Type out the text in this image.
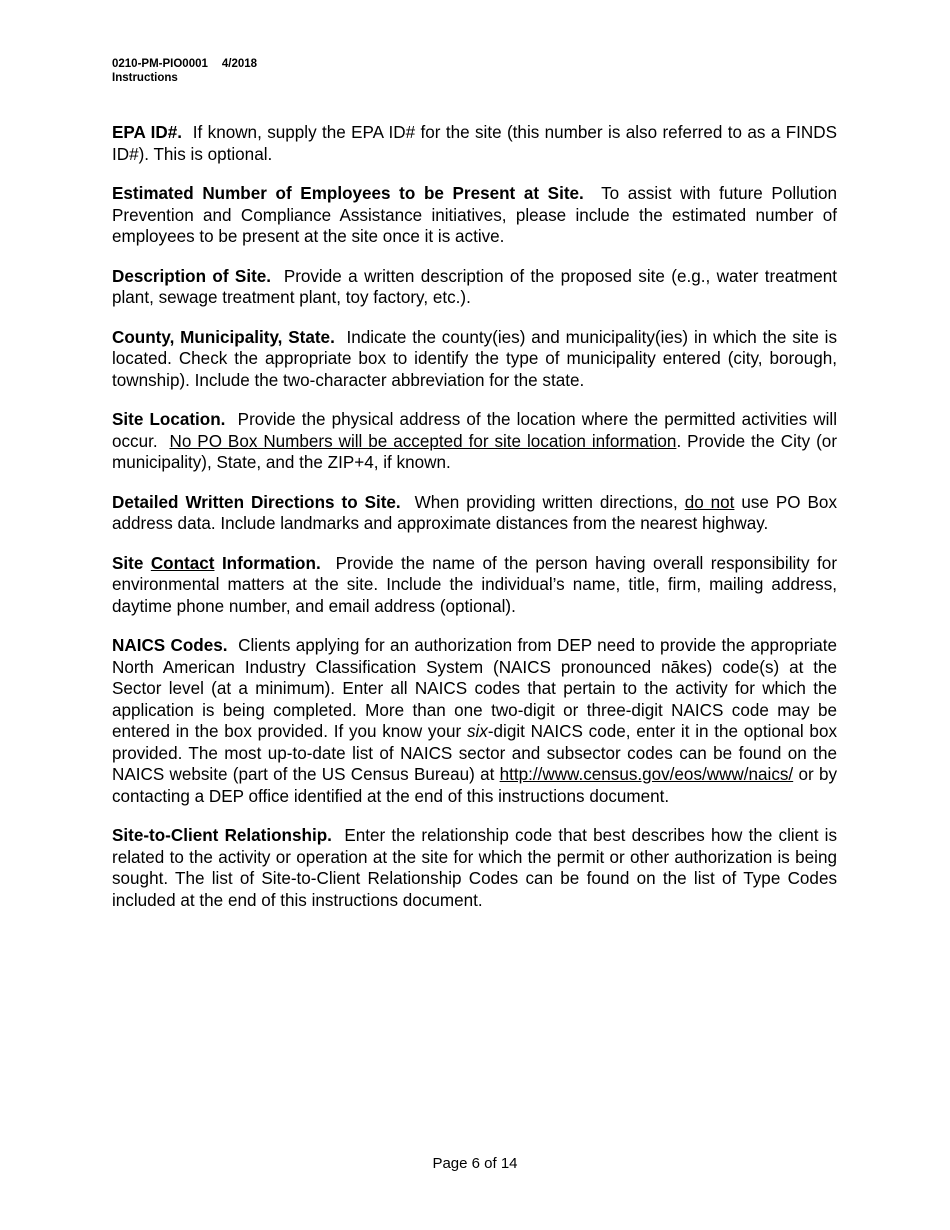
0210-PM-PIO0001 4/2018
Instructions

EPA ID#. If known, supply the EPA ID# for the site (this number is also referred to as a FINDS ID#). This is optional.

Estimated Number of Employees to be Present at Site. To assist with future Pollution Prevention and Compliance Assistance initiatives, please include the estimated number of employees to be present at the site once it is active.

Description of Site. Provide a written description of the proposed site (e.g., water treatment plant, sewage treatment plant, toy factory, etc.).

County, Municipality, State. Indicate the county(ies) and municipality(ies) in which the site is located. Check the appropriate box to identify the type of municipality entered (city, borough, township). Include the two-character abbreviation for the state.

Site Location. Provide the physical address of the location where the permitted activities will occur. No PO Box Numbers will be accepted for site location information. Provide the City (or municipality), State, and the ZIP+4, if known.

Detailed Written Directions to Site. When providing written directions, do not use PO Box address data. Include landmarks and approximate distances from the nearest highway.

Site Contact Information. Provide the name of the person having overall responsibility for environmental matters at the site. Include the individual’s name, title, firm, mailing address, daytime phone number, and email address (optional).

NAICS Codes. Clients applying for an authorization from DEP need to provide the appropriate North American Industry Classification System (NAICS pronounced nākes) code(s) at the Sector level (at a minimum). Enter all NAICS codes that pertain to the activity for which the application is being completed. More than one two-digit or three-digit NAICS code may be entered in the box provided. If you know your six-digit NAICS code, enter it in the optional box provided. The most up-to-date list of NAICS sector and subsector codes can be found on the NAICS website (part of the US Census Bureau) at http://www.census.gov/eos/www/naics/ or by contacting a DEP office identified at the end of this instructions document.

Site-to-Client Relationship. Enter the relationship code that best describes how the client is related to the activity or operation at the site for which the permit or other authorization is being sought. The list of Site-to-Client Relationship Codes can be found on the list of Type Codes included at the end of this instructions document.

Page 6 of 14
